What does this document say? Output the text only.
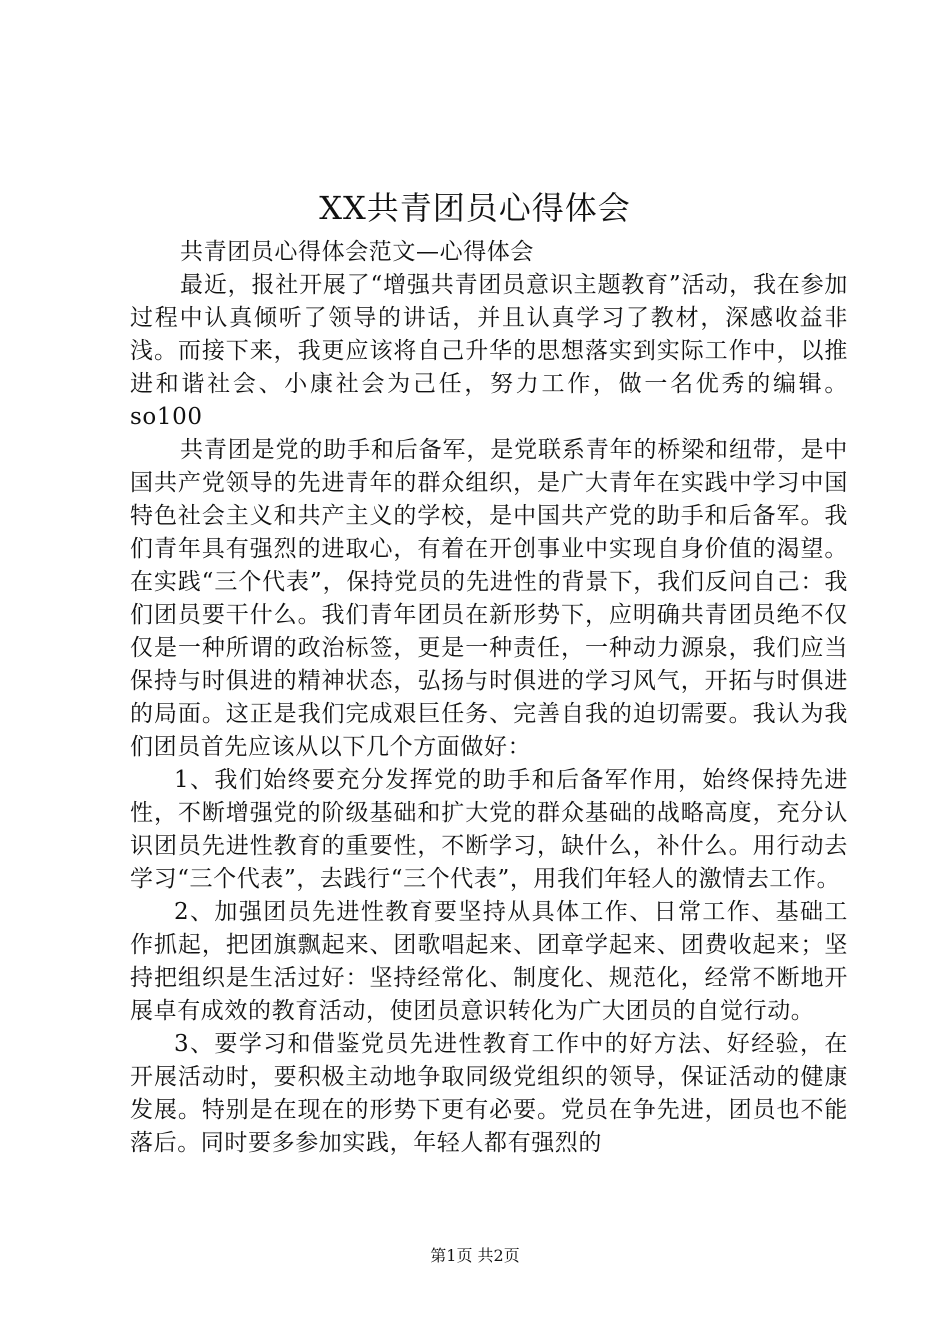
XX共青团员心得体会

共青团员心得体会范文—心得体会

最近，报社开展了“增强共青团员意识主题教育”活动，我在参加过程中认真倾听了领导的讲话，并且认真学习了教材，深感收益非浅。而接下来，我更应该将自己升华的思想落实到实际工作中，以推进和谐社会、小康社会为己任，努力工作，做一名优秀的编辑。so100

共青团是党的助手和后备军，是党联系青年的桥梁和纽带，是中国共产党领导的先进青年的群众组织，是广大青年在实践中学习中国特色社会主义和共产主义的学校，是中国共产党的助手和后备军。我们青年具有强烈的进取心，有着在开创事业中实现自身价值的渴望。在实践“三个代表”，保持党员的先进性的背景下，我们反问自己：我们团员要干什么。我们青年团员在新形势下，应明确共青团员绝不仅仅是一种所谓的政治标签，更是一种责任，一种动力源泉，我们应当保持与时俱进的精神状态，弘扬与时俱进的学习风气，开拓与时俱进的局面。这正是我们完成艰巨任务、完善自我的迫切需要。我认为我们团员首先应该从以下几个方面做好：

1、我们始终要充分发挥党的助手和后备军作用，始终保持先进性，不断增强党的阶级基础和扩大党的群众基础的战略高度，充分认识团员先进性教育的重要性，不断学习，缺什么，补什么。用行动去学习“三个代表”，去践行“三个代表”，用我们年轻人的激情去工作。

2、加强团员先进性教育要坚持从具体工作、日常工作、基础工作抓起，把团旗飘起来、团歌唱起来、团章学起来、团费收起来；坚持把组织是生活过好：坚持经常化、制度化、规范化，经常不断地开展卓有成效的教育活动，使团员意识转化为广大团员的自觉行动。

3、要学习和借鉴党员先进性教育工作中的好方法、好经验，在开展活动时，要积极主动地争取同级党组织的领导，保证活动的健康发展。特别是在现在的形势下更有必要。党员在争先进，团员也不能落后。同时要多参加实践，年轻人都有强烈的

第1页 共2页
